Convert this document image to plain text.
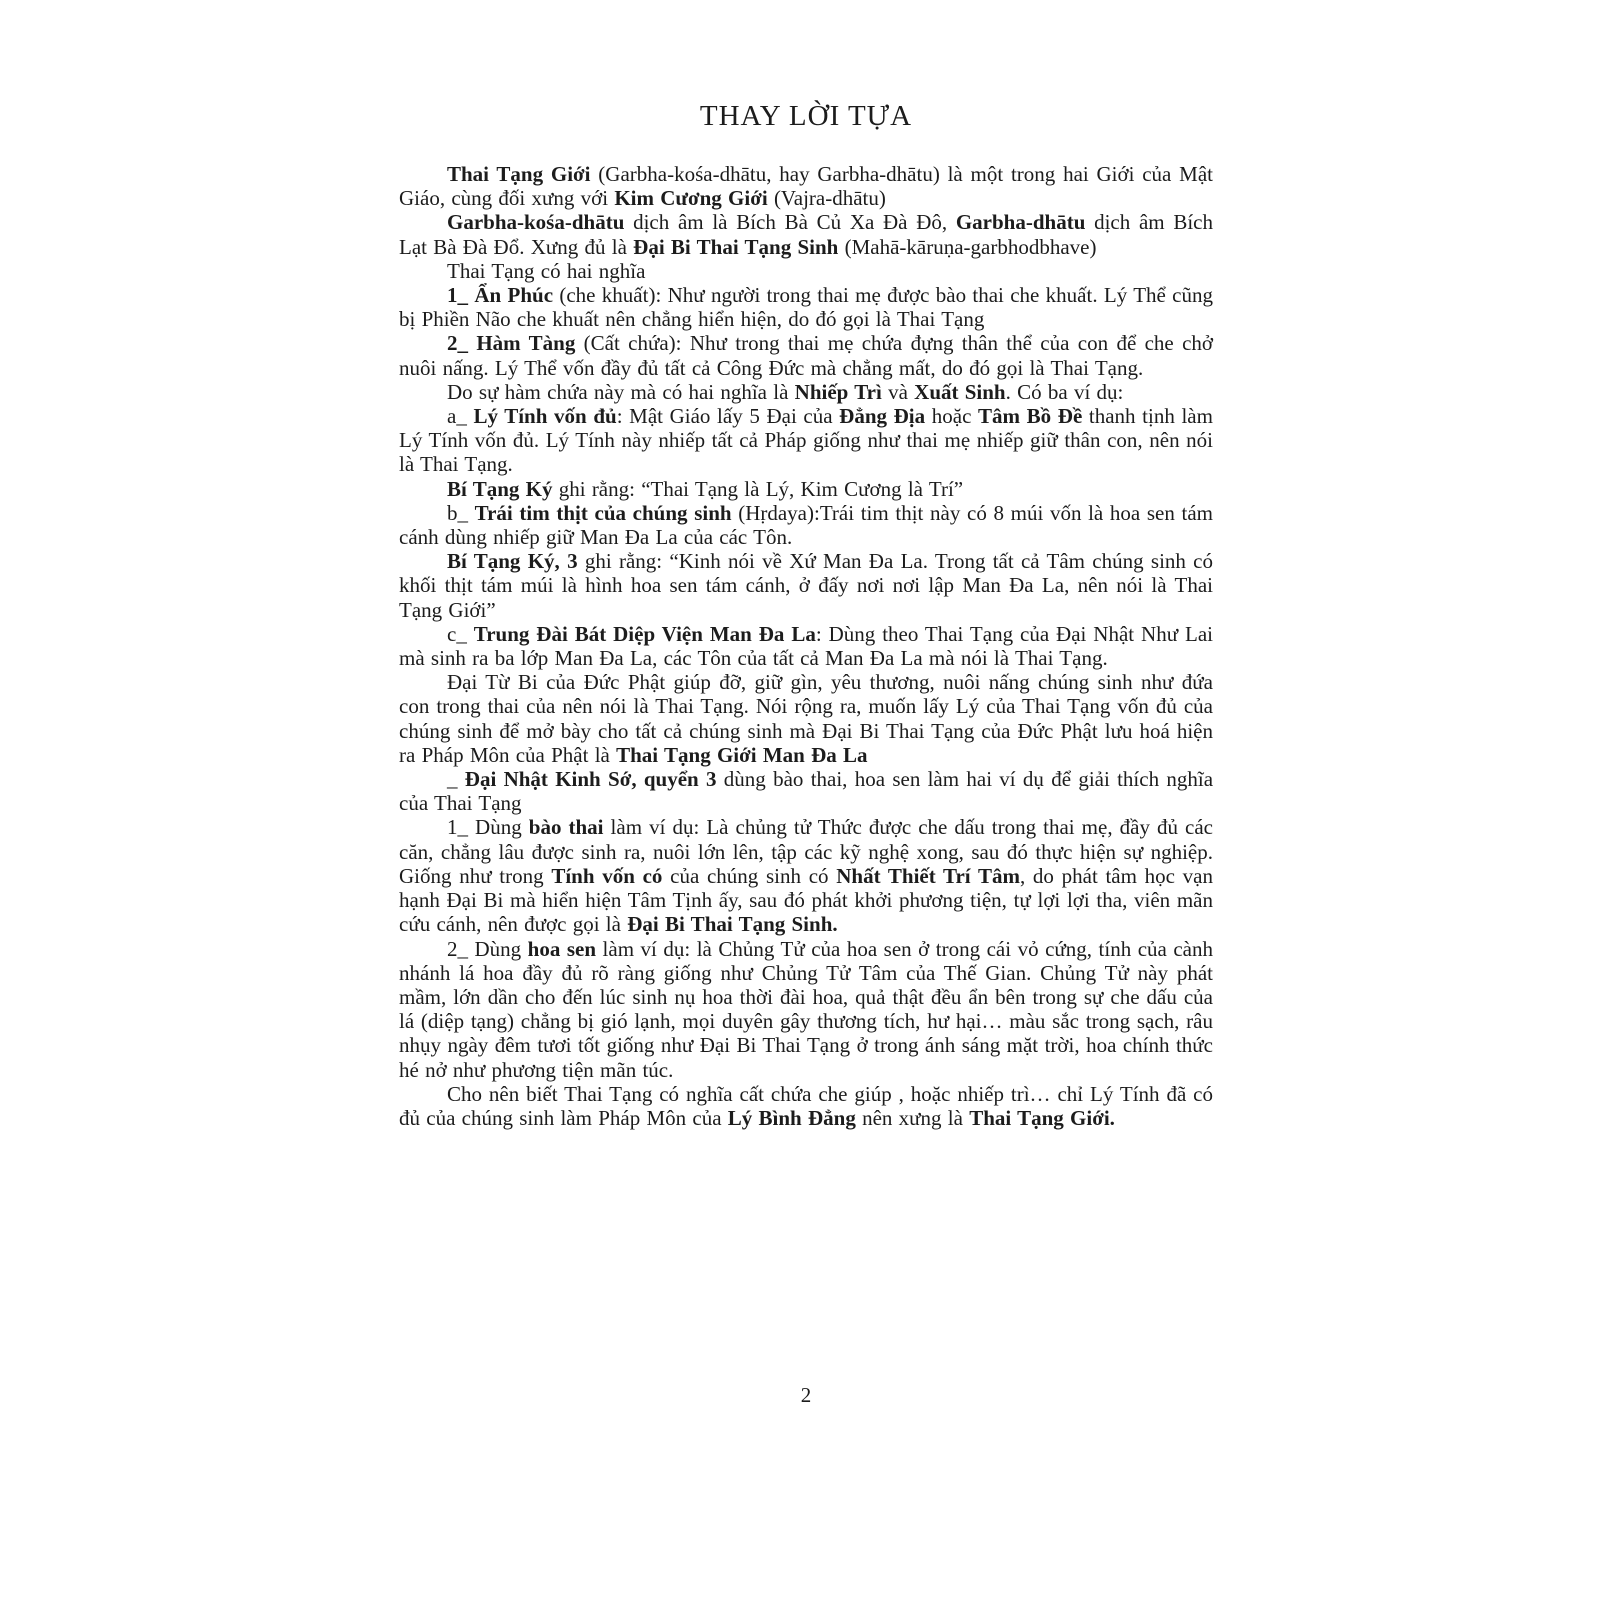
THAY LỜI TỰA

Thai Tạng Giới (Garbha-kośa-dhātu, hay Garbha-dhātu) là một trong hai Giới của Mật Giáo, cùng đối xưng với Kim Cương Giới (Vajra-dhātu)

Garbha-kośa-dhātu dịch âm là Bích Bà Củ Xa Đà Đô, Garbha-dhātu dịch âm Bích Lạt Bà Đà Đổ. Xưng đủ là Đại Bi Thai Tạng Sinh (Mahā-kāruṇa-garbhodbhave)

Thai Tạng có hai nghĩa

1_ Ẩn Phúc (che khuất): Như người trong thai mẹ được bào thai che khuất. Lý Thể cũng bị Phiền Não che khuất nên chẳng hiển hiện, do đó gọi là Thai Tạng

2_ Hàm Tàng (Cất chứa): Như trong thai mẹ chứa đựng thân thể của con để che chở nuôi nấng. Lý Thể vốn đầy đủ tất cả Công Đức mà chẳng mất, do đó gọi là Thai Tạng.

Do sự hàm chứa này mà có hai nghĩa là Nhiếp Trì và Xuất Sinh. Có ba ví dụ:

a_ Lý Tính vốn đủ: Mật Giáo lấy 5 Đại của Đẳng Địa hoặc Tâm Bồ Đề thanh tịnh làm Lý Tính vốn đủ. Lý Tính này nhiếp tất cả Pháp giống như thai mẹ nhiếp giữ thân con, nên nói là Thai Tạng.

Bí Tạng Ký ghi rằng: “Thai Tạng là Lý, Kim Cương là Trí”

b_ Trái tim thịt của chúng sinh (Hṛdaya):Trái tim thịt này có 8 múi vốn là hoa sen tám cánh dùng nhiếp giữ Man Đa La của các Tôn.

Bí Tạng Ký, 3 ghi rằng: “Kinh nói về Xứ Man Đa La. Trong tất cả Tâm chúng sinh có khối thịt tám múi là hình hoa sen tám cánh, ở đấy nơi nơi lập Man Đa La, nên nói là Thai Tạng Giới”

c_ Trung Đài Bát Diệp Viện Man Đa La: Dùng theo Thai Tạng của Đại Nhật Như Lai mà sinh ra ba lớp Man Đa La, các Tôn của tất cả Man Đa La mà nói là Thai Tạng.

Đại Từ Bi của Đức Phật giúp đỡ, giữ gìn, yêu thương, nuôi nấng chúng sinh như đứa con trong thai của nên nói là Thai Tạng. Nói rộng ra, muốn lấy Lý của Thai Tạng vốn đủ của chúng sinh để mở bày cho tất cả chúng sinh mà Đại Bi Thai Tạng của Đức Phật lưu hoá hiện ra Pháp Môn của Phật là Thai Tạng Giới Man Đa La

_ Đại Nhật Kinh Sớ, quyển 3 dùng bào thai, hoa sen làm hai ví dụ để giải thích nghĩa của Thai Tạng

1_ Dùng bào thai làm ví dụ: Là chủng tử Thức được che dấu trong thai mẹ, đầy đủ các căn, chẳng lâu được sinh ra, nuôi lớn lên, tập các kỹ nghệ xong, sau đó thực hiện sự nghiệp. Giống như trong Tính vốn có của chúng sinh có Nhất Thiết Trí Tâm, do phát tâm học vạn hạnh Đại Bi mà hiển hiện Tâm Tịnh ấy, sau đó phát khởi phương tiện, tự lợi lợi tha, viên mãn cứu cánh, nên được gọi là Đại Bi Thai Tạng Sinh.

2_ Dùng hoa sen làm ví dụ: là Chủng Tử của hoa sen ở trong cái vỏ cứng, tính của cành nhánh lá hoa đầy đủ rõ ràng giống như Chủng Tử Tâm của Thế Gian. Chủng Tử này phát mầm, lớn dần cho đến lúc sinh nụ hoa thời đài hoa, quả thật đều ẩn bên trong sự che dấu của lá (diệp tạng) chẳng bị gió lạnh, mọi duyên gây thương tích, hư hại… màu sắc trong sạch, râu nhụy ngày đêm tươi tốt giống như Đại Bi Thai Tạng ở trong ánh sáng mặt trời, hoa chính thức hé nở như phương tiện mãn túc.

Cho nên biết Thai Tạng có nghĩa cất chứa che giúp , hoặc nhiếp trì… chỉ Lý Tính đã có đủ của chúng sinh làm Pháp Môn của Lý Bình Đẳng nên xưng là Thai Tạng Giới.

2
